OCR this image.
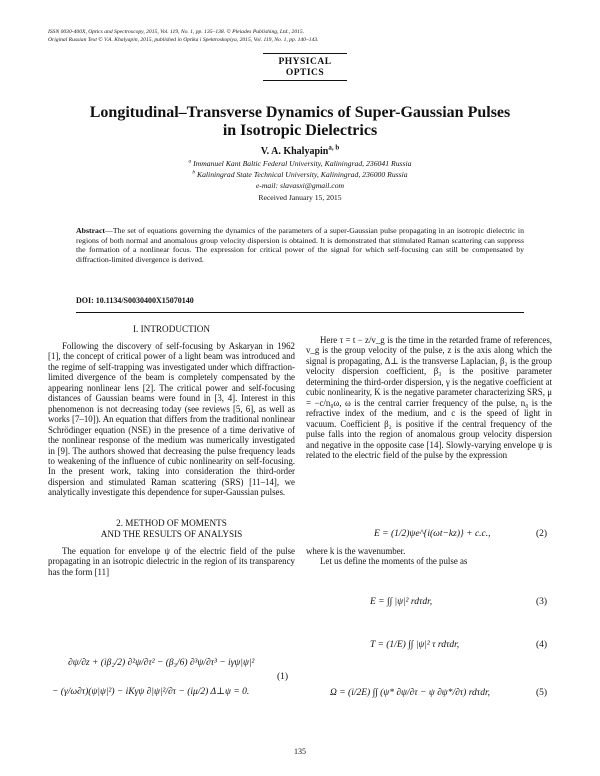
ISSN 0030-400X, Optics and Spectroscopy, 2015, Vol. 119, No. 1, pp. 135–138. © Pleiades Publishing, Ltd., 2015.
Original Russian Text © V.A. Khalyapin, 2015, published in Optika i Spektroskopiya, 2015, Vol. 119, No. 1, pp. 140–143.
PHYSICAL
OPTICS
Longitudinal–Transverse Dynamics of Super-Gaussian Pulses
in Isotropic Dielectrics
V. A. Khalyapin$^{a, b}$
$^a$ Immanuel Kant Baltic Federal University, Kaliningrad, 236041 Russia
$^b$ Kaliningrad State Technical University, Kaliningrad, 236000 Russia
e-mail: slavasxi@gmail.com
Received January 15, 2015
Abstract—The set of equations governing the dynamics of the parameters of a super-Gaussian pulse propagating in an isotropic dielectric in regions of both normal and anomalous group velocity dispersion is obtained. It is demonstrated that stimulated Raman scattering can suppress the formation of a nonlinear focus. The expression for critical power of the signal for which self-focusing can still be compensated by diffraction-limited divergence is derived.
DOI: 10.1134/S0030400X15070140
I. INTRODUCTION

Following the discovery of self-focusing by Askaryan in 1962 [1], the concept of critical power of a light beam was introduced and the regime of self-trapping was investigated under which diffraction-limited divergence of the beam is completely compensated by the appearing nonlinear lens [2]. The critical power and self-focusing distances of Gaussian beams were found in [3, 4]. Interest in this phenomenon is not decreasing today (see reviews [5, 6], as well as works [7–10]). An equation that differs from the traditional nonlinear Schrödinger equation (NSE) in the presence of a time derivative of the nonlinear response of the medium was numerically investigated in [9]. The authors showed that decreasing the pulse frequency leads to weakening of the influence of cubic nonlinearity on self-focusing. In the present work, taking into consideration the third-order dispersion and stimulated Raman scattering (SRS) [11–14], we analytically investigate this dependence for super-Gaussian pulses.

2. METHOD OF MOMENTS
AND THE RESULTS OF ANALYSIS

The equation for envelope ψ of the electric field of the pulse propagating in an isotropic dielectric in the region of its transparency has the form [11]

∂ψ/∂z + (iβ₂/2) ∂²ψ/∂τ² − (β₃/6) ∂³ψ/∂τ³ − iγψ|ψ|²
− (γ/ω∂τ)(ψ|ψ|²) − iKγψ ∂|ψ|²/∂τ − (iμ/2) Δ⊥ψ = 0.
(1)

Here τ = t − z/v_g is the time in the retarded frame of references, v_g is the group velocity of the pulse, z is the axis along which the signal is propagating, Δ⊥ is the transverse Laplacian, β₂ is the group velocity dispersion coefficient, β₃ is the positive parameter determining the third-order dispersion, γ is the negative coefficient at cubic nonlinearity, K is the negative parameter characterizing SRS, μ = −c/n₀ω, ω is the central carrier frequency of the pulse, n₀ is the refractive index of the medium, and c is the speed of light in vacuum. Coefficient β₂ is positive if the central frequency of the pulse falls into the region of anomalous group velocity dispersion and negative in the opposite case [14]. Slowly-varying envelope ψ is related to the electric field of the pulse by the expression

E = (1/2)ψe^{i(ωt−kz)} + c.c.,	(2)

where k is the wavenumber.

Let us define the moments of the pulse as

E = ∫∫ |ψ|² rdτdr,	(3)
T = (1/E) ∫∫ |ψ|² τ rdτdr,	(4)
Ω = (i/2E) ∫∫ (ψ* ∂ψ/∂τ − ψ ∂ψ*/∂τ) rdτdr,	(5)
135
